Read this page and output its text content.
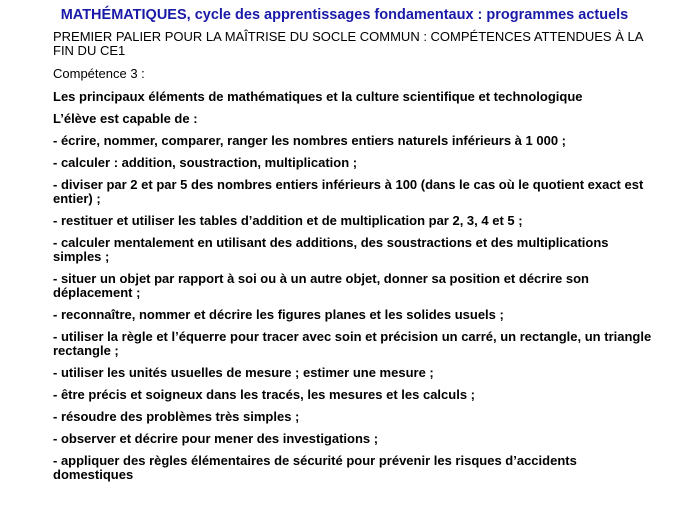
MATHÉMATIQUES, cycle des apprentissages fondamentaux : programmes actuels

PREMIER PALIER POUR LA MAÎTRISE DU SOCLE COMMUN : COMPÉTENCES ATTENDUES À LA FIN DU CE1

Compétence 3 :

Les principaux éléments de mathématiques et la culture scientifique et technologique

L’élève est capable de :

- écrire, nommer, comparer, ranger les nombres entiers naturels inférieurs à 1 000 ;

- calculer : addition, soustraction, multiplication ;

- diviser par 2 et par 5 des nombres entiers inférieurs à 100 (dans le cas où le quotient exact est entier) ;

- restituer et utiliser les tables d’addition et de multiplication par 2, 3, 4 et 5 ;

- calculer mentalement en utilisant des additions, des soustractions et des multiplications simples ;

- situer un objet par rapport à soi ou à un autre objet, donner sa position et décrire son déplacement ;

- reconnaître, nommer et décrire les figures planes et les solides usuels ;

- utiliser la règle et l’équerre pour tracer avec soin et précision un carré, un rectangle, un triangle rectangle ;

- utiliser les unités usuelles de mesure ; estimer une mesure ;

- être précis et soigneux dans les tracés, les mesures et les calculs ;

- résoudre des problèmes très simples ;

- observer et décrire pour mener des investigations ;

- appliquer des règles élémentaires de sécurité pour prévenir les risques d’accidents domestiques
